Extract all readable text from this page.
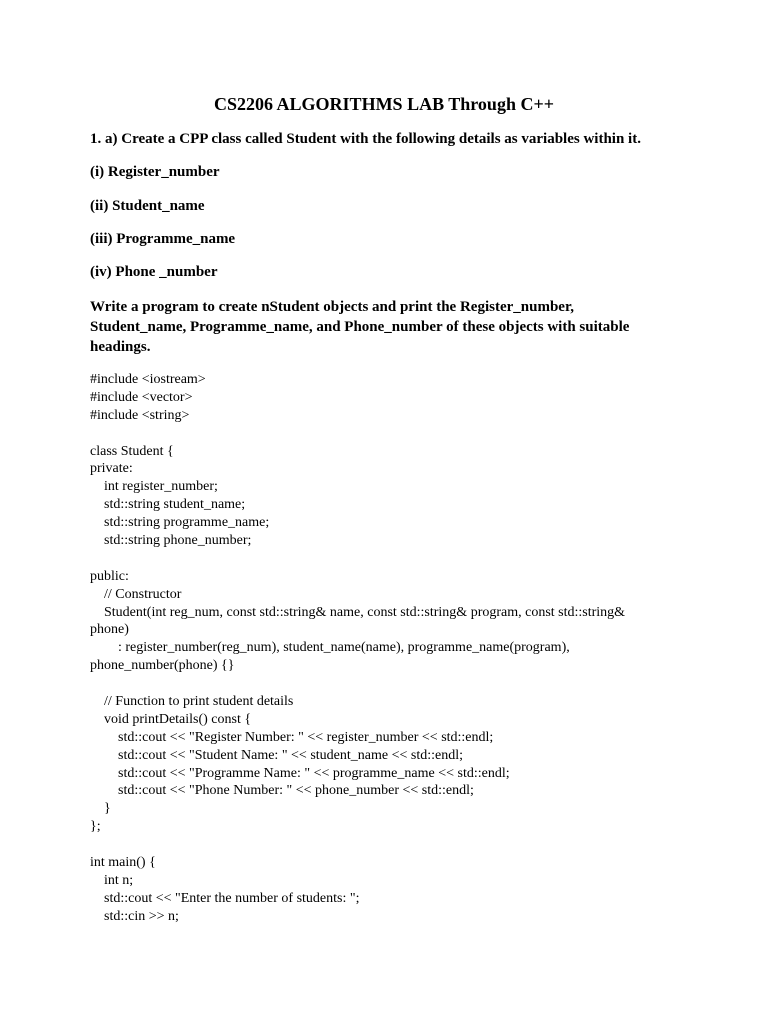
CS2206 ALGORITHMS LAB Through C++
1. a) Create a CPP class called Student with the following details as variables within it.
(i) Register_number
(ii) Student_name
(iii) Programme_name
(iv) Phone _number
Write a program to create nStudent objects and print the Register_number, Student_name, Programme_name, and Phone_number of these objects with suitable headings.
#include <iostream>
#include <vector>
#include <string>
class Student {
private:
int register_number;
std::string student_name;
std::string programme_name;
std::string phone_number;
public:
// Constructor
Student(int reg_num, const std::string& name, const std::string& program, const std::string&
phone)
: register_number(reg_num), student_name(name), programme_name(program),
phone_number(phone) {}
// Function to print student details
void printDetails() const {
std::cout << "Register Number: " << register_number << std::endl;
std::cout << "Student Name: " << student_name << std::endl;
std::cout << "Programme Name: " << programme_name << std::endl;
std::cout << "Phone Number: " << phone_number << std::endl;
}
};
int main() {
int n;
std::cout << "Enter the number of students: ";
std::cin >> n;
